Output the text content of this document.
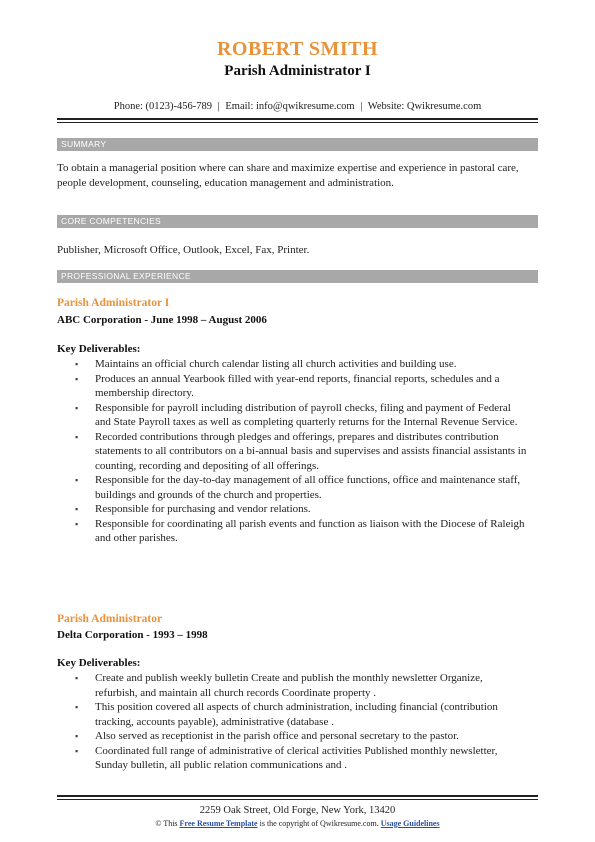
ROBERT SMITH
Parish Administrator I
Phone: (0123)-456-789 | Email: info@qwikresume.com | Website: Qwikresume.com
SUMMARY
To obtain a managerial position where can share and maximize expertise and experience in pastoral care, people development, counseling, education management and administration.
CORE COMPETENCIES
Publisher, Microsoft Office, Outlook, Excel, Fax, Printer.
PROFESSIONAL EXPERIENCE
Parish Administrator I
ABC Corporation - June 1998 – August 2006
Key Deliverables:
▪ Maintains an official church calendar listing all church activities and building use.
▪ Produces an annual Yearbook filled with year-end reports, financial reports, schedules and a membership directory.
▪ Responsible for payroll including distribution of payroll checks, filing and payment of Federal and State Payroll taxes as well as completing quarterly returns for the Internal Revenue Service.
▪ Recorded contributions through pledges and offerings, prepares and distributes contribution statements to all contributors on a bi-annual basis and supervises and assists financial assistants in counting, recording and depositing of all offerings.
▪ Responsible for the day-to-day management of all office functions, office and maintenance staff, buildings and grounds of the church and properties.
▪ Responsible for purchasing and vendor relations.
▪ Responsible for coordinating all parish events and function as liaison with the Diocese of Raleigh and other parishes.
Parish Administrator
Delta Corporation - 1993 – 1998
Key Deliverables:
▪ Create and publish weekly bulletin Create and publish the monthly newsletter Organize, refurbish, and maintain all church records Coordinate property .
▪ This position covered all aspects of church administration, including financial (contribution tracking, accounts payable), administrative (database .
▪ Also served as receptionist in the parish office and personal secretary to the pastor.
▪ Coordinated full range of administrative of clerical activities Published monthly newsletter, Sunday bulletin, all public relation communications and .
2259 Oak Street, Old Forge, New York, 13420
© This Free Resume Template is the copyright of Qwikresume.com. Usage Guidelines
